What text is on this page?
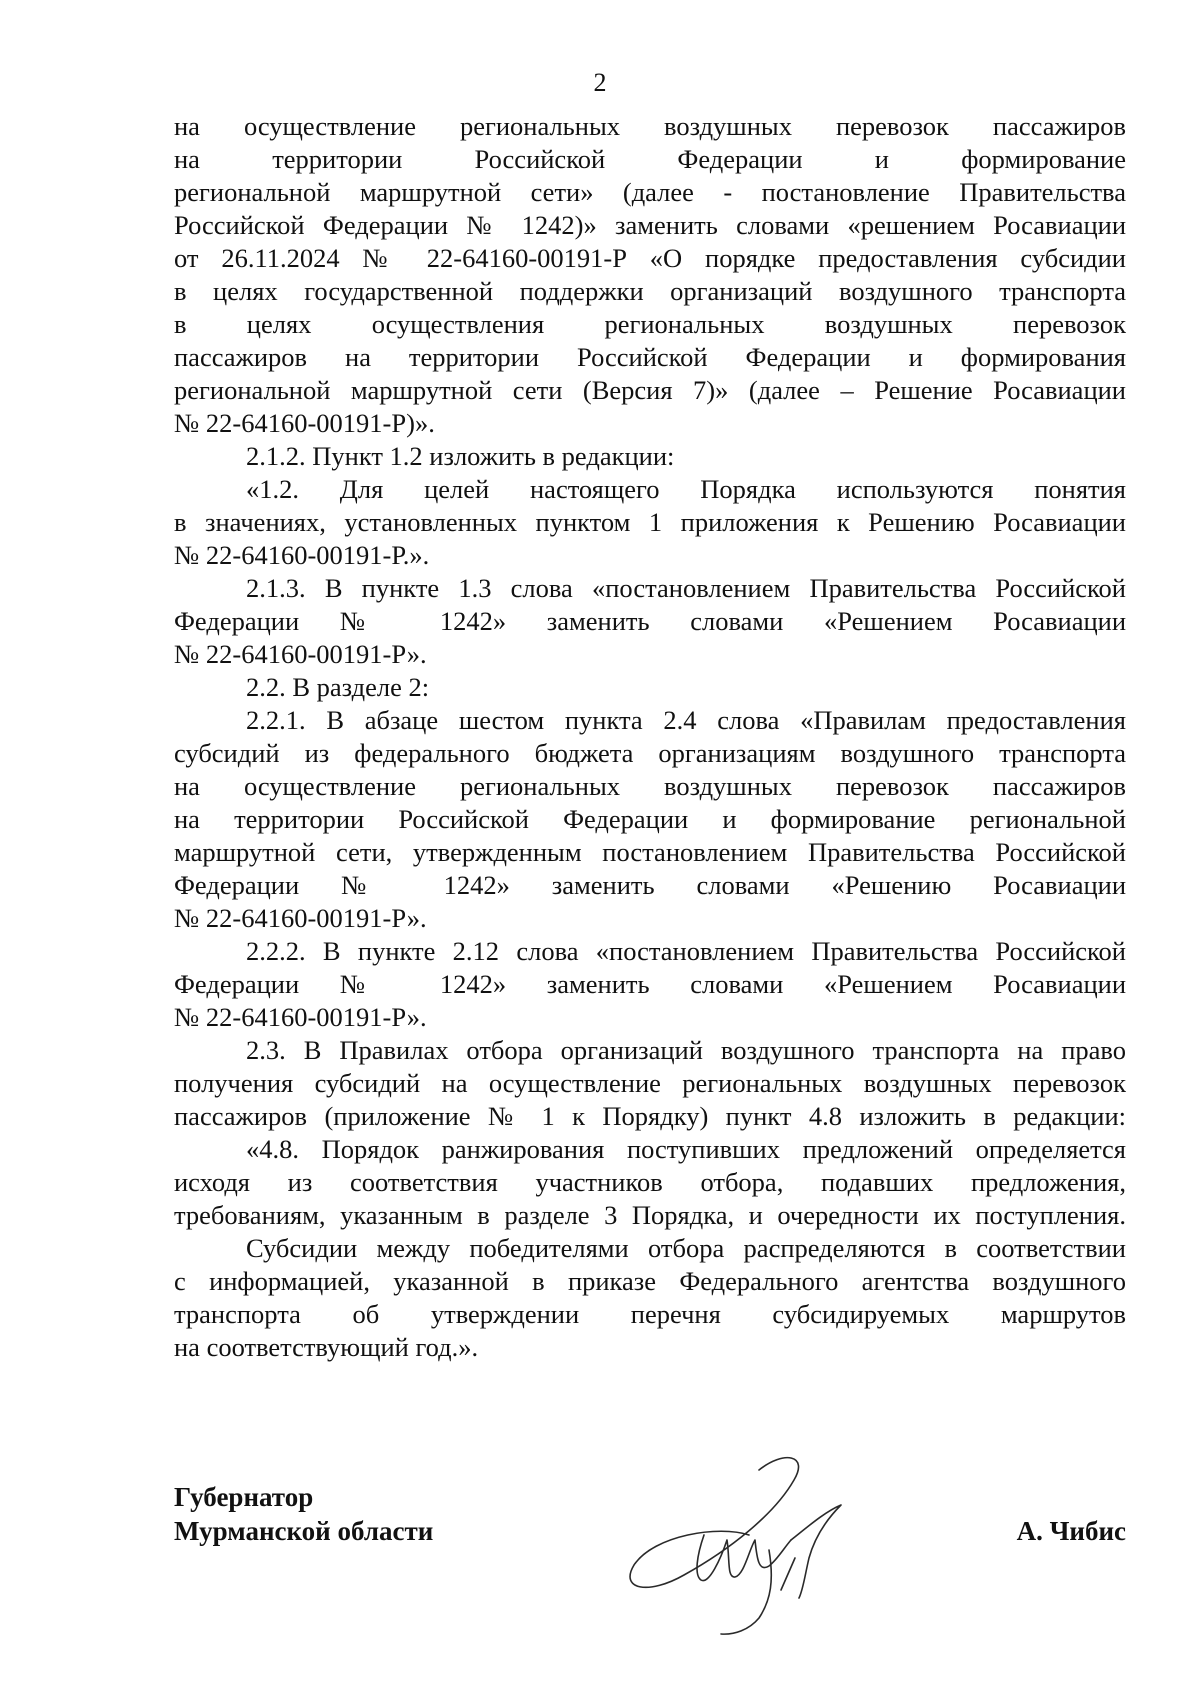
2
на осуществление региональных воздушных перевозок пассажиров
на территории Российской Федерации и формирование
региональной маршрутной сети» (далее - постановление Правительства
Российской Федерации № 1242)» заменить словами «решением Росавиации
от 26.11.2024 № 22-64160-00191-Р «О порядке предоставления субсидии
в целях государственной поддержки организаций воздушного транспорта
в целях осуществления региональных воздушных перевозок
пассажиров на территории Российской Федерации и формирования
региональной маршрутной сети (Версия 7)» (далее – Решение Росавиации
№ 22-64160-00191-Р)».
2.1.2. Пункт 1.2 изложить в редакции:
«1.2. Для целей настоящего Порядка используются понятия
в значениях, установленных пунктом 1 приложения к Решению Росавиации
№ 22-64160-00191-Р.».
2.1.3. В пункте 1.3 слова «постановлением Правительства Российской
Федерации № 1242» заменить словами «Решением Росавиации
№ 22-64160-00191-Р».
2.2. В разделе 2:
2.2.1. В абзаце шестом пункта 2.4 слова «Правилам предоставления
субсидий из федерального бюджета организациям воздушного транспорта
на осуществление региональных воздушных перевозок пассажиров
на территории Российской Федерации и формирование региональной
маршрутной сети, утвержденным постановлением Правительства Российской
Федерации № 1242» заменить словами «Решению Росавиации
№ 22-64160-00191-Р».
2.2.2. В пункте 2.12 слова «постановлением Правительства Российской
Федерации № 1242» заменить словами «Решением Росавиации
№ 22-64160-00191-Р».
2.3. В Правилах отбора организаций воздушного транспорта на право
получения субсидий на осуществление региональных воздушных перевозок
пассажиров (приложение № 1 к Порядку) пункт 4.8 изложить в редакции:
«4.8. Порядок ранжирования поступивших предложений определяется
исходя из соответствия участников отбора, подавших предложения,
требованиям, указанным в разделе 3 Порядка, и очередности их поступления.
Субсидии между победителями отбора распределяются в соответствии
с информацией, указанной в приказе Федерального агентства воздушного
транспорта об утверждении перечня субсидируемых маршрутов
на соответствующий год.».
Губернатор
Мурманской области	А. Чибис
